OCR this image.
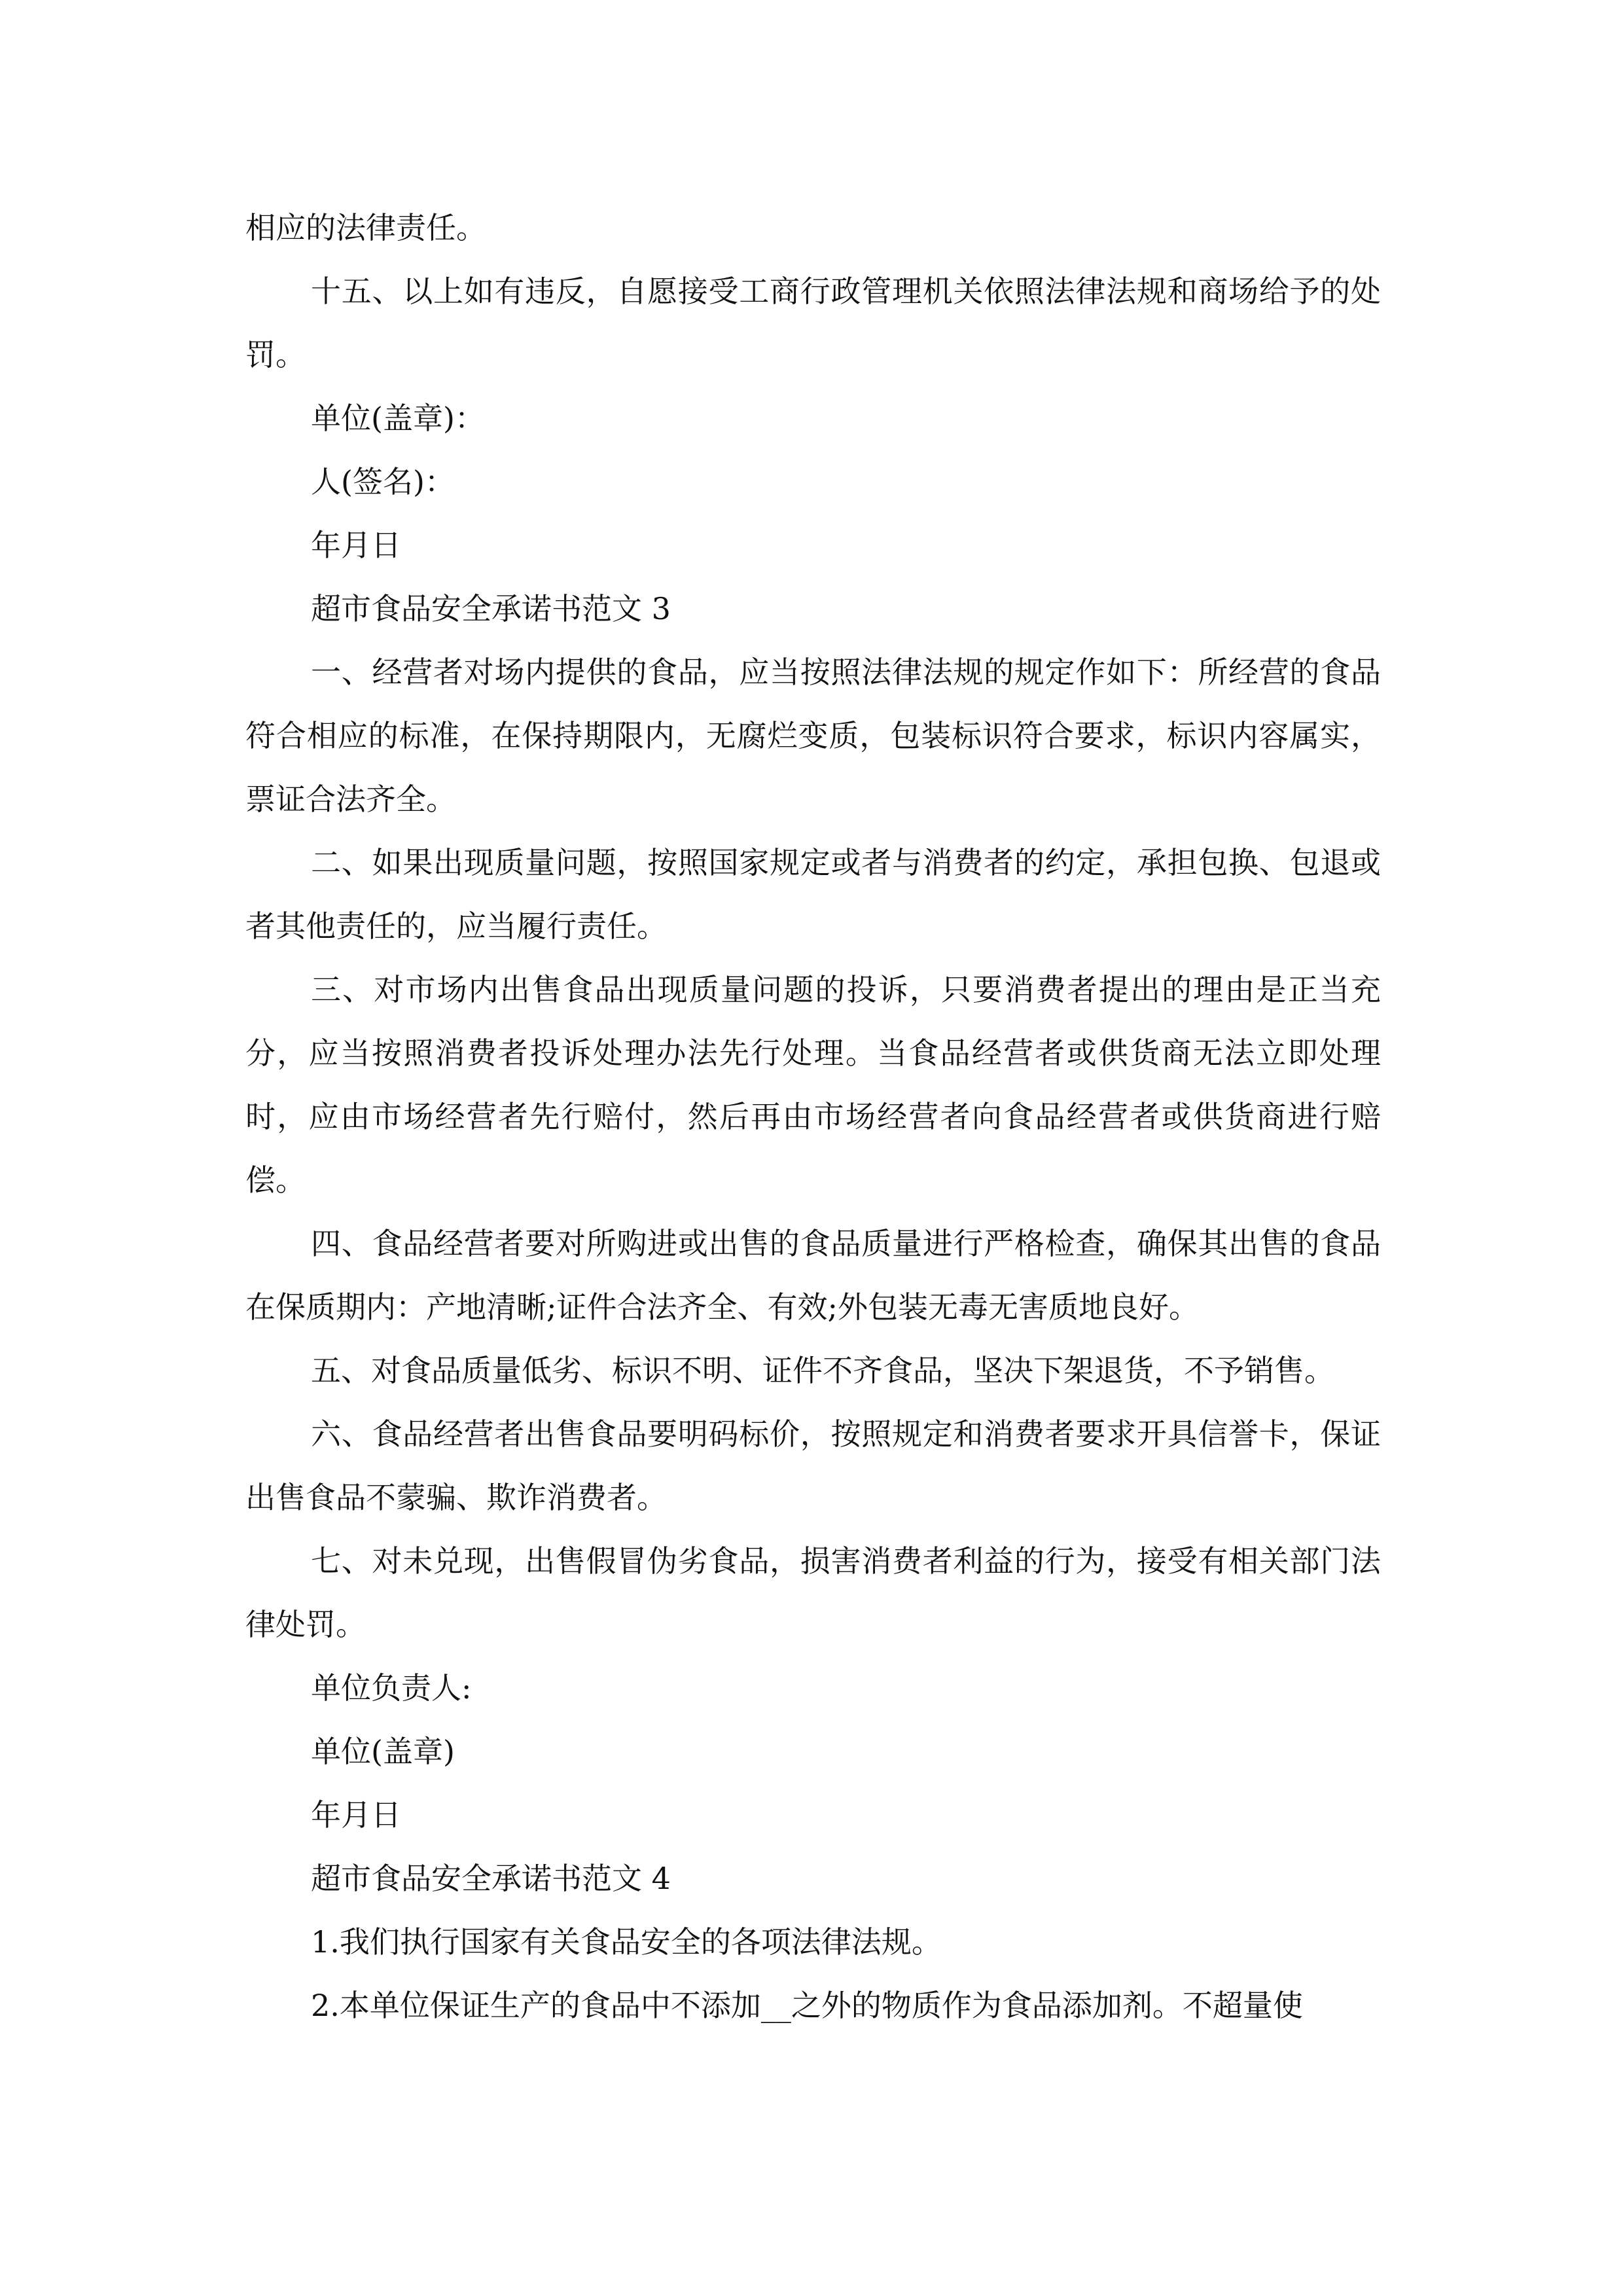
相应的法律责任。

十五、以上如有违反，自愿接受工商行政管理机关依照法律法规和商场给予的处罚。

单位(盖章)：

人(签名)：

年月日

超市食品安全承诺书范文 3

一、经营者对场内提供的食品，应当按照法律法规的规定作如下：所经营的食品符合相应的标准，在保持期限内，无腐烂变质，包装标识符合要求，标识内容属实，票证合法齐全。

二、如果出现质量问题，按照国家规定或者与消费者的约定，承担包换、包退或者其他责任的，应当履行责任。

三、对市场内出售食品出现质量问题的投诉，只要消费者提出的理由是正当充分，应当按照消费者投诉处理办法先行处理。当食品经营者或供货商无法立即处理时，应由市场经营者先行赔付，然后再由市场经营者向食品经营者或供货商进行赔偿。

四、食品经营者要对所购进或出售的食品质量进行严格检查，确保其出售的食品在保质期内：产地清晰;证件合法齐全、有效;外包装无毒无害质地良好。

五、对食品质量低劣、标识不明、证件不齐食品，坚决下架退货，不予销售。

六、食品经营者出售食品要明码标价，按照规定和消费者要求开具信誉卡，保证出售食品不蒙骗、欺诈消费者。

七、对未兑现，出售假冒伪劣食品，损害消费者利益的行为，接受有相关部门法律处罚。

单位负责人:

单位(盖章)

年月日

超市食品安全承诺书范文 4

1.我们执行国家有关食品安全的各项法律法规。

2.本单位保证生产的食品中不添加__之外的物质作为食品添加剂。不超量使
